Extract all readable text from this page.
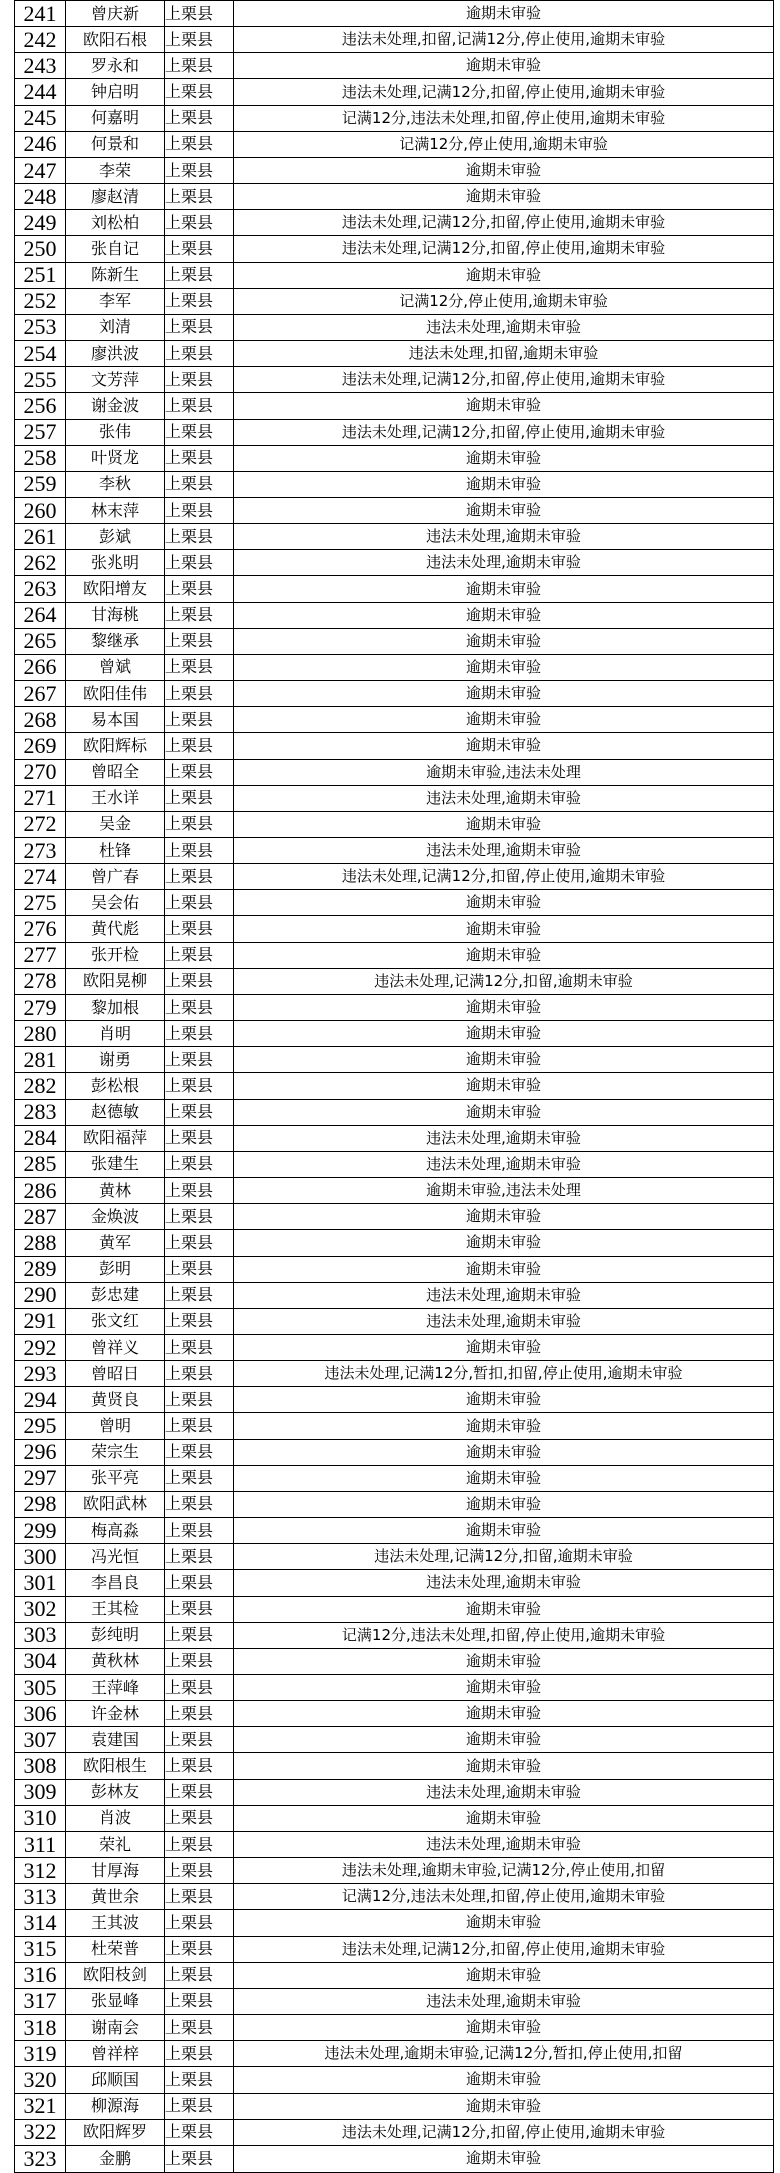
241	曾庆新	上栗县	逾期未审验
242	欧阳石根	上栗县	违法未处理,扣留,记满12分,停止使用,逾期未审验
243	罗永和	上栗县	逾期未审验
244	钟启明	上栗县	违法未处理,记满12分,扣留,停止使用,逾期未审验
245	何嘉明	上栗县	记满12分,违法未处理,扣留,停止使用,逾期未审验
246	何景和	上栗县	记满12分,停止使用,逾期未审验
247	李荣	上栗县	逾期未审验
248	廖赵清	上栗县	逾期未审验
249	刘松柏	上栗县	违法未处理,记满12分,扣留,停止使用,逾期未审验
250	张自记	上栗县	违法未处理,记满12分,扣留,停止使用,逾期未审验
251	陈新生	上栗县	逾期未审验
252	李军	上栗县	记满12分,停止使用,逾期未审验
253	刘清	上栗县	违法未处理,逾期未审验
254	廖洪波	上栗县	违法未处理,扣留,逾期未审验
255	文芳萍	上栗县	违法未处理,记满12分,扣留,停止使用,逾期未审验
256	谢金波	上栗县	逾期未审验
257	张伟	上栗县	违法未处理,记满12分,扣留,停止使用,逾期未审验
258	叶贤龙	上栗县	逾期未审验
259	李秋	上栗县	逾期未审验
260	林末萍	上栗县	逾期未审验
261	彭斌	上栗县	违法未处理,逾期未审验
262	张兆明	上栗县	违法未处理,逾期未审验
263	欧阳增友	上栗县	逾期未审验
264	甘海桃	上栗县	逾期未审验
265	黎继承	上栗县	逾期未审验
266	曾斌	上栗县	逾期未审验
267	欧阳佳伟	上栗县	逾期未审验
268	易本国	上栗县	逾期未审验
269	欧阳辉标	上栗县	逾期未审验
270	曾昭全	上栗县	逾期未审验,违法未处理
271	王水详	上栗县	违法未处理,逾期未审验
272	吴金	上栗县	逾期未审验
273	杜锋	上栗县	违法未处理,逾期未审验
274	曾广春	上栗县	违法未处理,记满12分,扣留,停止使用,逾期未审验
275	吴会佑	上栗县	逾期未审验
276	黄代彪	上栗县	逾期未审验
277	张开检	上栗县	逾期未审验
278	欧阳晃柳	上栗县	违法未处理,记满12分,扣留,逾期未审验
279	黎加根	上栗县	逾期未审验
280	肖明	上栗县	逾期未审验
281	谢勇	上栗县	逾期未审验
282	彭松根	上栗县	逾期未审验
283	赵德敏	上栗县	逾期未审验
284	欧阳福萍	上栗县	违法未处理,逾期未审验
285	张建生	上栗县	违法未处理,逾期未审验
286	黄林	上栗县	逾期未审验,违法未处理
287	金焕波	上栗县	逾期未审验
288	黄军	上栗县	逾期未审验
289	彭明	上栗县	逾期未审验
290	彭忠建	上栗县	违法未处理,逾期未审验
291	张文红	上栗县	违法未处理,逾期未审验
292	曾祥义	上栗县	逾期未审验
293	曾昭日	上栗县	违法未处理,记满12分,暂扣,扣留,停止使用,逾期未审验
294	黄贤良	上栗县	逾期未审验
295	曾明	上栗县	逾期未审验
296	荣宗生	上栗县	逾期未审验
297	张平亮	上栗县	逾期未审验
298	欧阳武林	上栗县	逾期未审验
299	梅高淼	上栗县	逾期未审验
300	冯光恒	上栗县	违法未处理,记满12分,扣留,逾期未审验
301	李昌良	上栗县	违法未处理,逾期未审验
302	王其检	上栗县	逾期未审验
303	彭纯明	上栗县	记满12分,违法未处理,扣留,停止使用,逾期未审验
304	黄秋林	上栗县	逾期未审验
305	王萍峰	上栗县	逾期未审验
306	许金林	上栗县	逾期未审验
307	袁建国	上栗县	逾期未审验
308	欧阳根生	上栗县	逾期未审验
309	彭林友	上栗县	违法未处理,逾期未审验
310	肖波	上栗县	逾期未审验
311	荣礼	上栗县	违法未处理,逾期未审验
312	甘厚海	上栗县	违法未处理,逾期未审验,记满12分,停止使用,扣留
313	黄世余	上栗县	记满12分,违法未处理,扣留,停止使用,逾期未审验
314	王其波	上栗县	逾期未审验
315	杜荣普	上栗县	违法未处理,记满12分,扣留,停止使用,逾期未审验
316	欧阳枝剑	上栗县	逾期未审验
317	张显峰	上栗县	违法未处理,逾期未审验
318	谢南会	上栗县	逾期未审验
319	曾祥梓	上栗县	违法未处理,逾期未审验,记满12分,暂扣,停止使用,扣留
320	邱顺国	上栗县	逾期未审验
321	柳源海	上栗县	逾期未审验
322	欧阳辉罗	上栗县	违法未处理,记满12分,扣留,停止使用,逾期未审验
323	金鹏	上栗县	逾期未审验
